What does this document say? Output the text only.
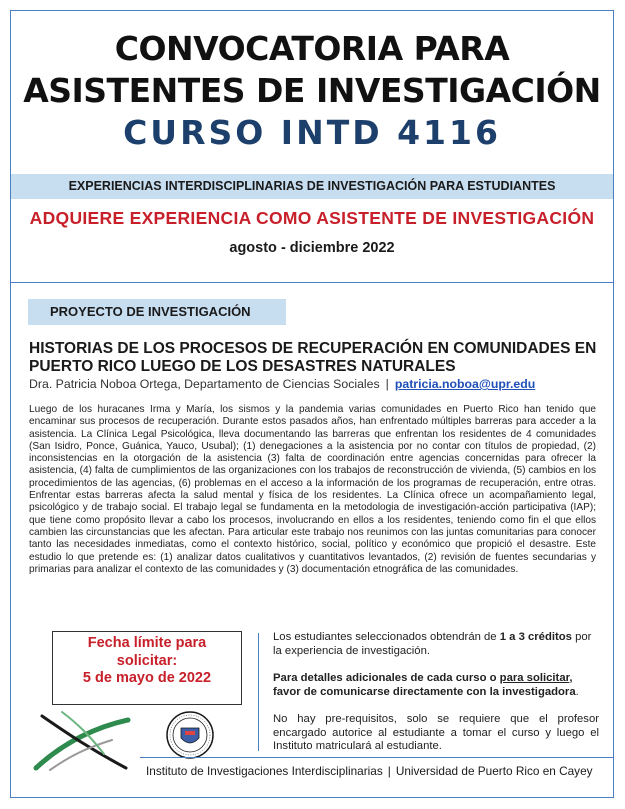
CONVOCATORIA PARA
ASISTENTES DE INVESTIGACIÓN
CURSO INTD 4116
EXPERIENCIAS INTERDISCIPLINARIAS DE INVESTIGACIÓN PARA ESTUDIANTES
ADQUIERE EXPERIENCIA COMO ASISTENTE DE INVESTIGACIÓN
agosto - diciembre 2022
PROYECTO DE INVESTIGACIÓN
HISTORIAS DE LOS PROCESOS DE RECUPERACIÓN EN COMUNIDADES EN
PUERTO RICO LUEGO DE LOS DESASTRES NATURALES
Dra. Patricia Noboa Ortega, Departamento de Ciencias Sociales | patricia.noboa@upr.edu
Luego de los huracanes Irma y María, los sismos y la pandemia varias comunidades en Puerto Rico han tenido que encaminar sus procesos de recuperación. Durante estos pasados años, han enfrentado múltiples barreras para acceder a la asistencia. La Clínica Legal Psicológica, lleva documentando las barreras que enfrentan los residentes de 4 comunidades (San Isidro, Ponce, Guánica, Yauco, Usubal); (1) denegaciones a la asistencia por no contar con títulos de propiedad, (2) inconsistencias en la otorgación de la asistencia (3) falta de coordinación entre agencias concernidas para ofrecer la asistencia, (4) falta de cumplimientos de las organizaciones con los trabajos de reconstrucción de vivienda, (5) cambios en los procedimientos de las agencias, (6) problemas en el acceso a la información de los programas de recuperación, entre otras. Enfrentar estas barreras afecta la salud mental y física de los residentes. La Clínica ofrece un acompañamiento legal, psicológico y de trabajo social. El trabajo legal se fundamenta en la metodologia de investigación-acción participativa (IAP); que tiene como propósito llevar a cabo los procesos, involucrando en ellos a los residentes, teniendo como fin el que ellos cambien las circunstancias que les afectan. Para articular este trabajo nos reunimos con las juntas comunitarias para conocer tanto las necesidades inmediatas, como el contexto histórico, social, político y económico que propició el desastre. Este estudio lo que pretende es: (1) analizar datos cualitativos y cuantitativos levantados, (2) revisión de fuentes secundarias y primarias para analizar el contexto de las comunidades y (3) documentación etnográfica de las comunidades.
Fecha límite para
solicitar:
5 de mayo de 2022

Los estudiantes seleccionados obtendrán de 1 a 3 créditos por la experiencia de investigación.

Para detalles adicionales de cada curso o para solicitar, favor de comunicarse directamente con la investigadora.

No hay pre-requisitos, solo se requiere que el profesor encargado autorice al estudiante a tomar el curso y luego el Instituto matriculará al estudiante.

Instituto de Investigaciones Interdisciplinarias | Universidad de Puerto Rico en Cayey
